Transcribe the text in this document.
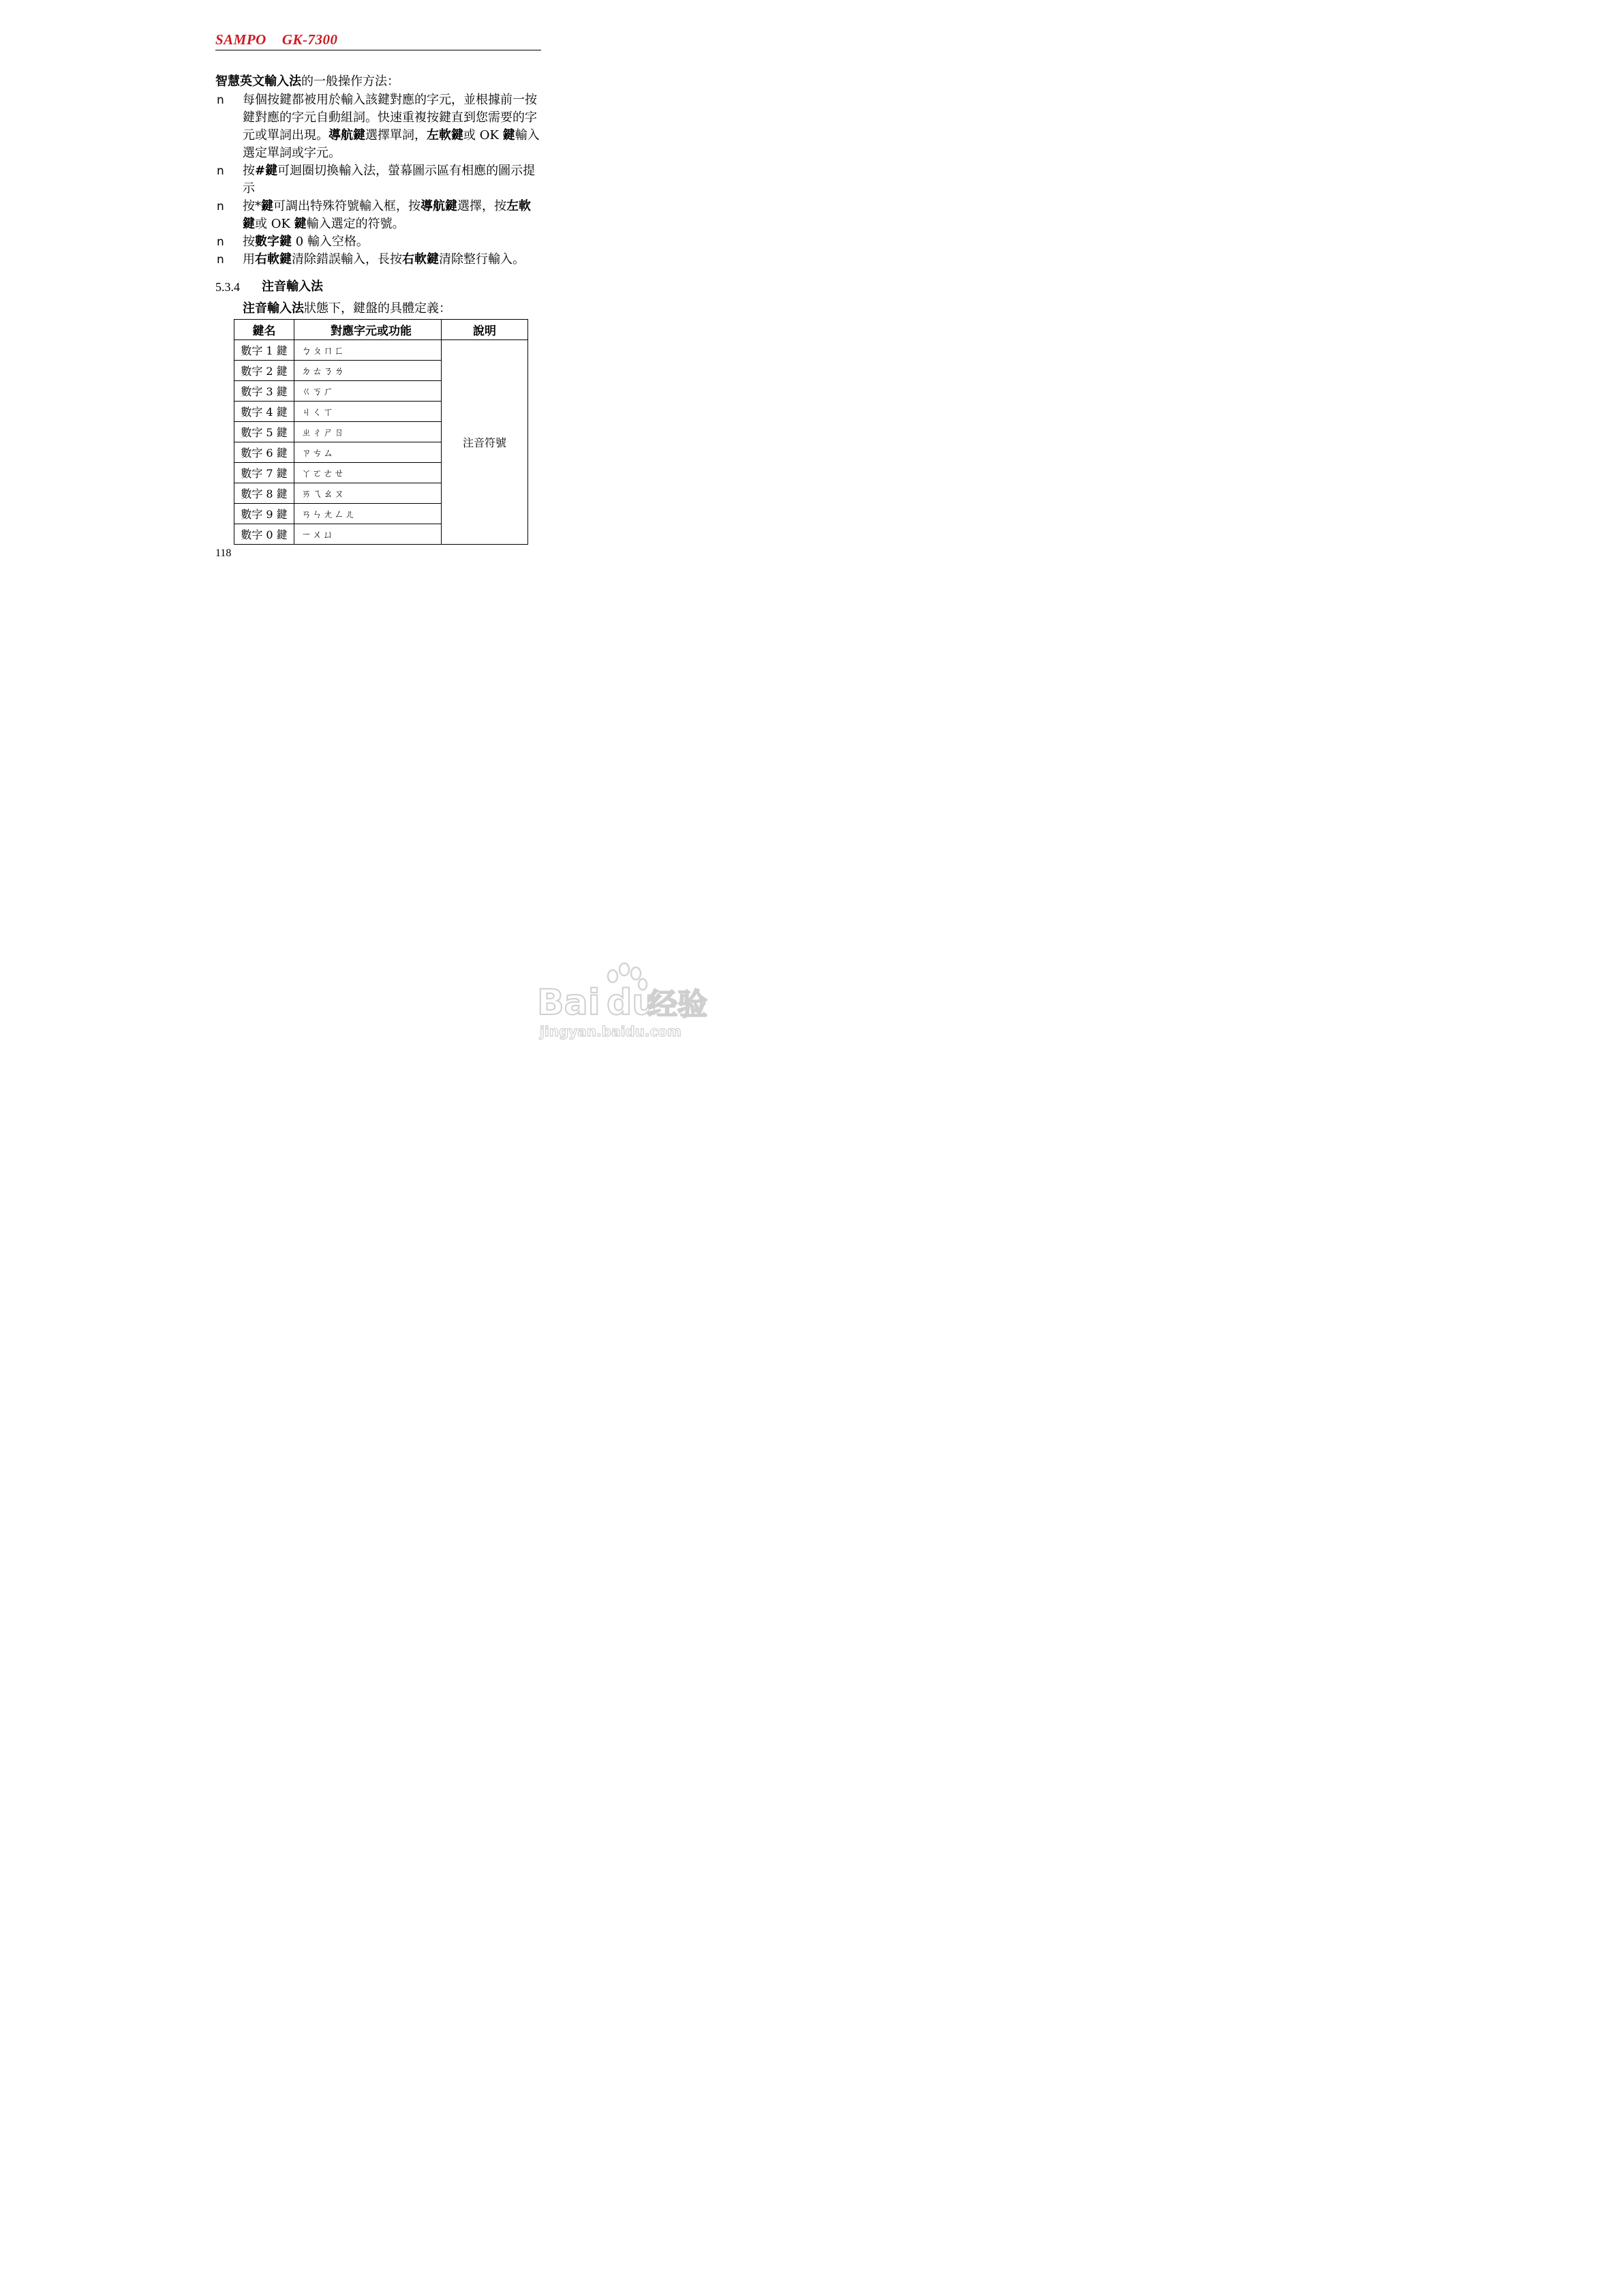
SAMPO    GK-7300
智慧英文輸入法的一般操作方法：
n 每個按鍵都被用於輸入該鍵對應的字元，並根據前一按鍵對應的字元自動組詞。快速重複按鍵直到您需要的字元或單詞出現。導航鍵選擇單詞，左軟鍵或 OK 鍵輸入選定單詞或字元。
n 按#鍵可迴圈切換輸入法，螢幕圖示區有相應的圖示提示
n 按*鍵可調出特殊符號輸入框，按導航鍵選擇，按左軟鍵或 OK 鍵輸入選定的符號。
n 按數字鍵 0 輸入空格。
n 用右軟鍵清除錯誤輸入，長按右軟鍵清除整行輸入。
5.3.4 注音輸入法
注音輸入法狀態下，鍵盤的具體定義：
鍵名	對應字元或功能	說明
數字 1 鍵	ㄅㄆㄇㄈ	注音符號
數字 2 鍵	ㄉㄊㄋㄌ	
數字 3 鍵	ㄍㄎㄏ	
數字 4 鍵	ㄐㄑㄒ	
數字 5 鍵	ㄓㄔㄕㄖ	
數字 6 鍵	ㄗㄘㄙ	
數字 7 鍵	ㄚㄛㄜㄝ	
數字 8 鍵	ㄞㄟㄠㄡ	
數字 9 鍵	ㄢㄣㄤㄥㄦ	
數字 0 鍵	ㄧㄨㄩ	
118
Bai du
经验
jingyan.baidu.com
